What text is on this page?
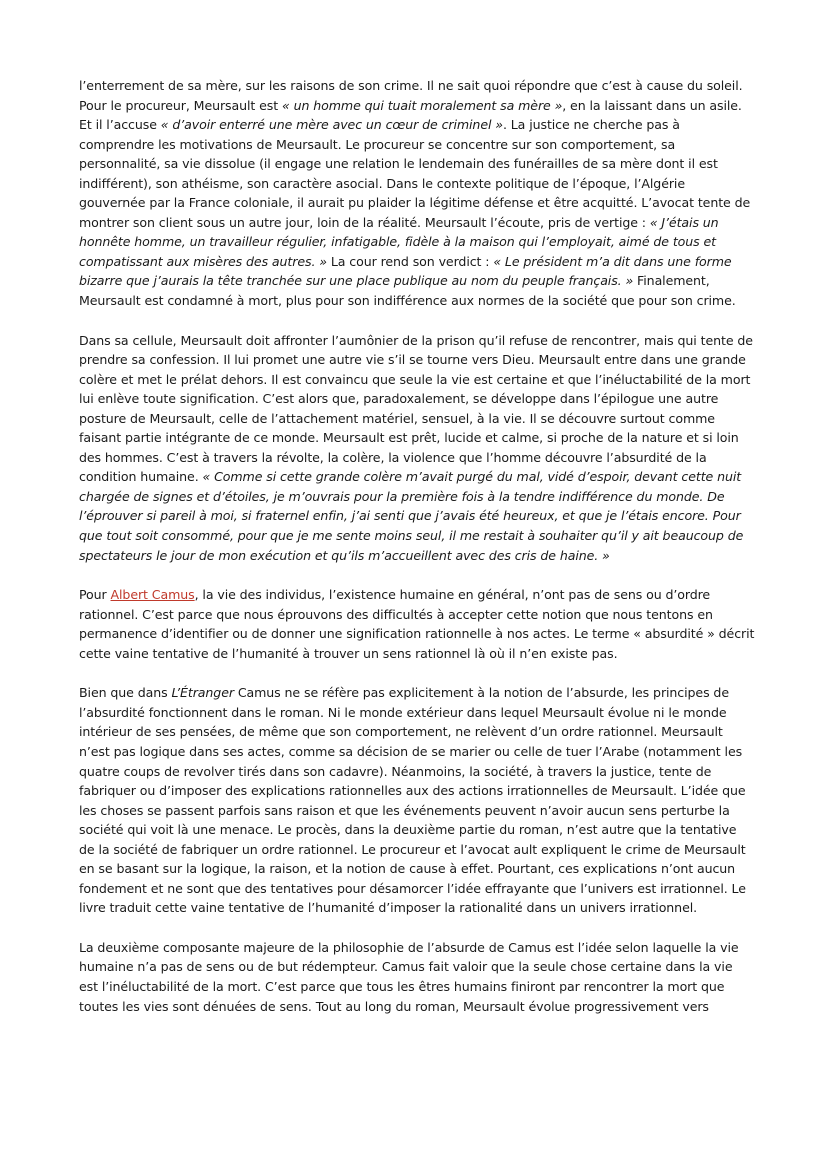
l’enterrement de sa mère, sur les raisons de son crime. Il ne sait quoi répondre que c’est à cause du soleil. Pour le procureur, Meursault est « un homme qui tuait moralement sa mère », en la laissant dans un asile. Et il l’accuse « d’avoir enterré une mère avec un cœur de criminel ». La justice ne cherche pas à comprendre les motivations de Meursault. Le procureur se concentre sur son comportement, sa personnalité, sa vie dissolue (il engage une relation le lendemain des funérailles de sa mère dont il est indifférent), son athéisme, son caractère asocial. Dans le contexte politique de l’époque, l’Algérie gouvernée par la France coloniale, il aurait pu plaider la légitime défense et être acquitté. L’avocat tente de montrer son client sous un autre jour, loin de la réalité. Meursault l’écoute, pris de vertige : « J’étais un honnête homme, un travailleur régulier, infatigable, fidèle à la maison qui l’employait, aimé de tous et compatissant aux misères des autres. » La cour rend son verdict : « Le président m’a dit dans une forme bizarre que j’aurais la tête tranchée sur une place publique au nom du peuple français. » Finalement, Meursault est condamné à mort, plus pour son indifférence aux normes de la société que pour son crime.

Dans sa cellule, Meursault doit affronter l’aumônier de la prison qu’il refuse de rencontrer, mais qui tente de prendre sa confession. Il lui promet une autre vie s’il se tourne vers Dieu. Meursault entre dans une grande colère et met le prélat dehors. Il est convaincu que seule la vie est certaine et que l’inéluctabilité de la mort lui enlève toute signification. C’est alors que, paradoxalement, se développe dans l’épilogue une autre posture de Meursault, celle de l’attachement matériel, sensuel, à la vie. Il se découvre surtout comme faisant partie intégrante de ce monde. Meursault est prêt, lucide et calme, si proche de la nature et si loin des hommes. C’est à travers la révolte, la colère, la violence que l’homme découvre l’absurdité de la condition humaine. « Comme si cette grande colère m’avait purgé du mal, vidé d’espoir, devant cette nuit chargée de signes et d’étoiles, je m’ouvrais pour la première fois à la tendre indifférence du monde. De l’éprouver si pareil à moi, si fraternel enfin, j’ai senti que j’avais été heureux, et que je l’étais encore. Pour que tout soit consommé, pour que je me sente moins seul, il me restait à souhaiter qu’il y ait beaucoup de spectateurs le jour de mon exécution et qu’ils m’accueillent avec des cris de haine. »

Pour Albert Camus, la vie des individus, l’existence humaine en général, n’ont pas de sens ou d’ordre rationnel. C’est parce que nous éprouvons des difficultés à accepter cette notion que nous tentons en permanence d’identifier ou de donner une signification rationnelle à nos actes. Le terme « absurdité » décrit cette vaine tentative de l’humanité à trouver un sens rationnel là où il n’en existe pas.

Bien que dans L’Étranger Camus ne se réfère pas explicitement à la notion de l’absurde, les principes de l’absurdité fonctionnent dans le roman. Ni le monde extérieur dans lequel Meursault évolue ni le monde intérieur de ses pensées, de même que son comportement, ne relèvent d’un ordre rationnel. Meursault n’est pas logique dans ses actes, comme sa décision de se marier ou celle de tuer l’Arabe (notamment les quatre coups de revolver tirés dans son cadavre). Néanmoins, la société, à travers la justice, tente de fabriquer ou d’imposer des explications rationnelles aux des actions irrationnelles de Meursault. L’idée que les choses se passent parfois sans raison et que les événements peuvent n’avoir aucun sens perturbe la société qui voit là une menace. Le procès, dans la deuxième partie du roman, n’est autre que la tentative de la société de fabriquer un ordre rationnel. Le procureur et l’avocat ault expliquent le crime de Meursault en se basant sur la logique, la raison, et la notion de cause à effet. Pourtant, ces explications n’ont aucun fondement et ne sont que des tentatives pour désamorcer l’idée effrayante que l’univers est irrationnel. Le livre traduit cette vaine tentative de l’humanité d’imposer la rationalité dans un univers irrationnel.

La deuxième composante majeure de la philosophie de l’absurde de Camus est l’idée selon laquelle la vie humaine n’a pas de sens ou de but rédempteur. Camus fait valoir que la seule chose certaine dans la vie est l’inéluctabilité de la mort. C’est parce que tous les êtres humains finiront par rencontrer la mort que toutes les vies sont dénuées de sens. Tout au long du roman, Meursault évolue progressivement vers
